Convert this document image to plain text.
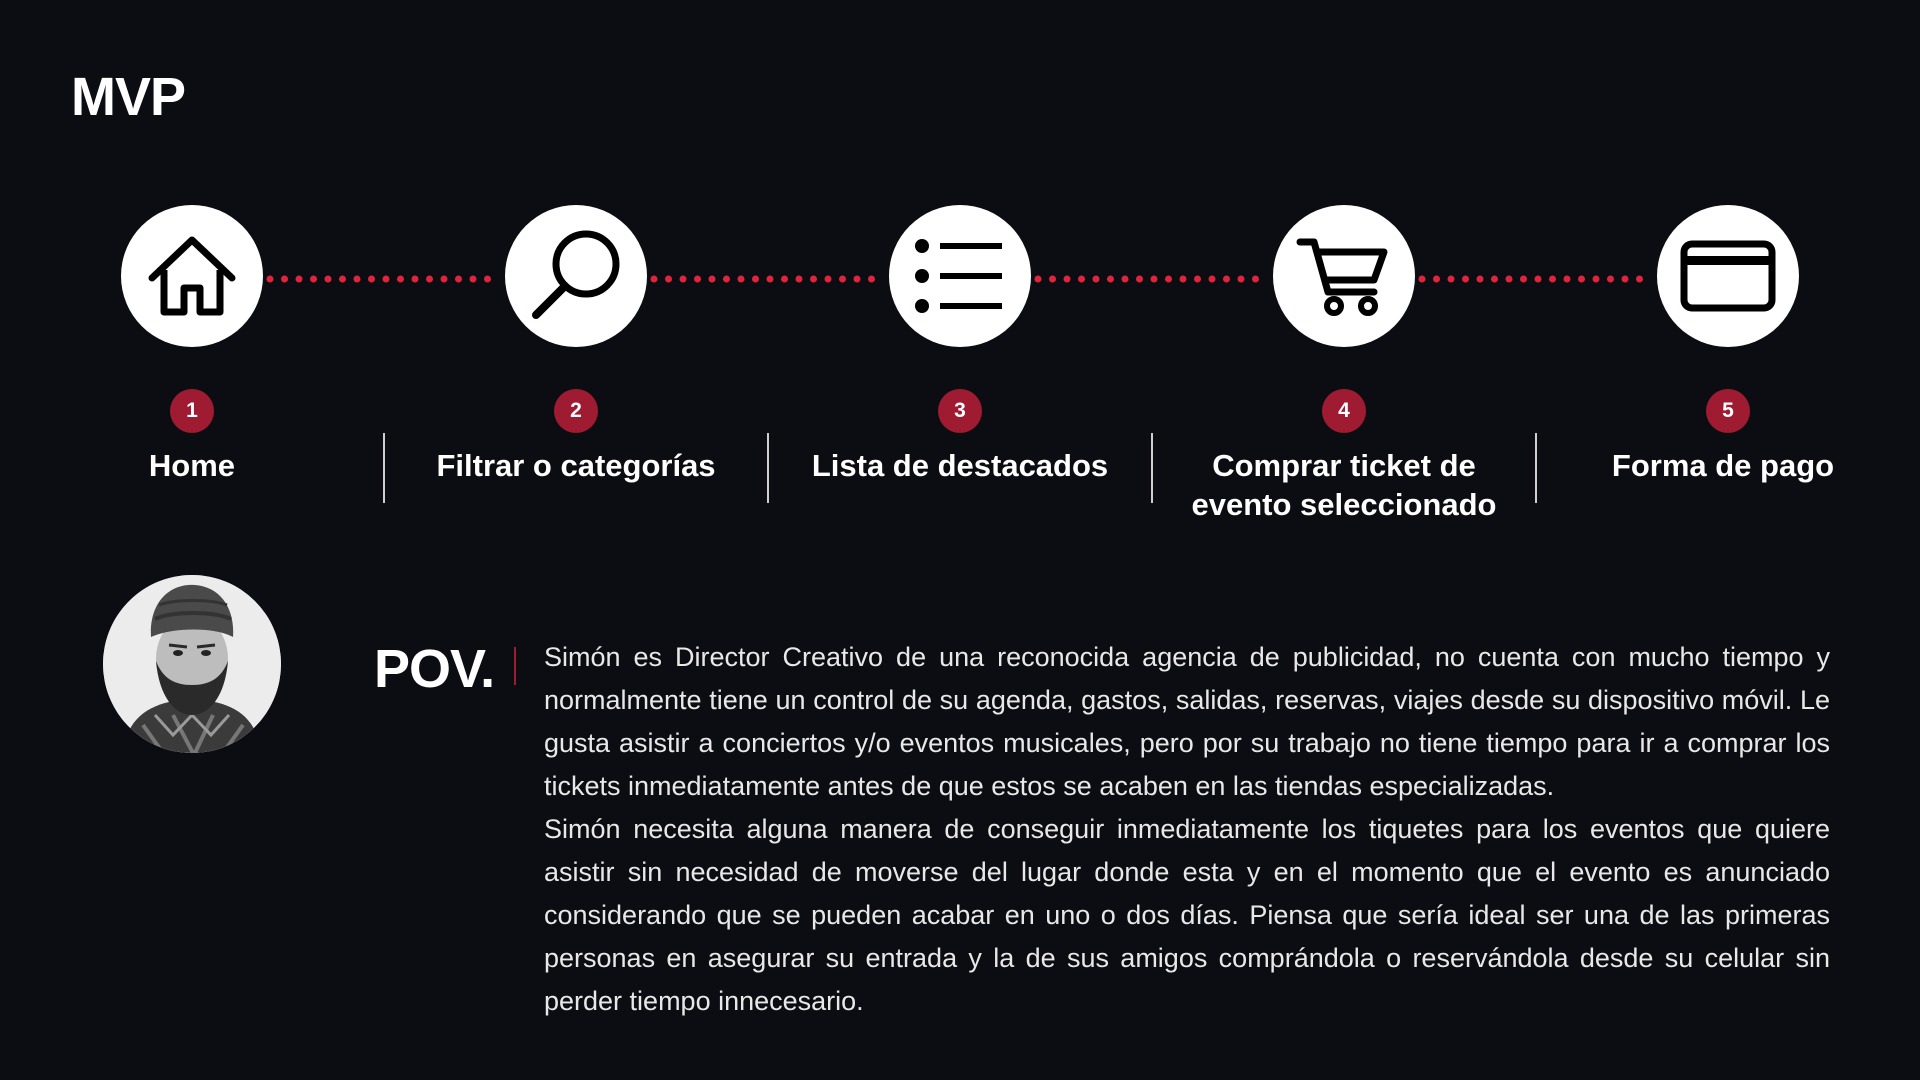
MVP
1
Home
2
Filtrar o categorías
3
Lista de destacados
4
Comprar ticket de evento seleccionado
5
Forma de pago
POV. Simón es Director Creativo de una reconocida agencia de publicidad, no cuenta con mucho tiempo y normalmente tiene un control de su agenda, gastos, salidas, reservas, viajes desde su dispositivo móvil. Le gusta asistir a conciertos y/o eventos musicales, pero por su trabajo no tiene tiempo para ir a comprar los tickets inmediatamente antes de que estos se acaben en las tiendas especializadas.

Simón necesita alguna manera de conseguir inmediatamente los tiquetes para los eventos que quiere asistir sin necesidad de moverse del lugar donde esta y en el momento que el evento es anunciado considerando que se pueden acabar en uno o dos días. Piensa que sería ideal ser una de las primeras personas en asegurar su entrada y la de sus amigos comprándola o reservándola desde su celular sin perder tiempo innecesario.
